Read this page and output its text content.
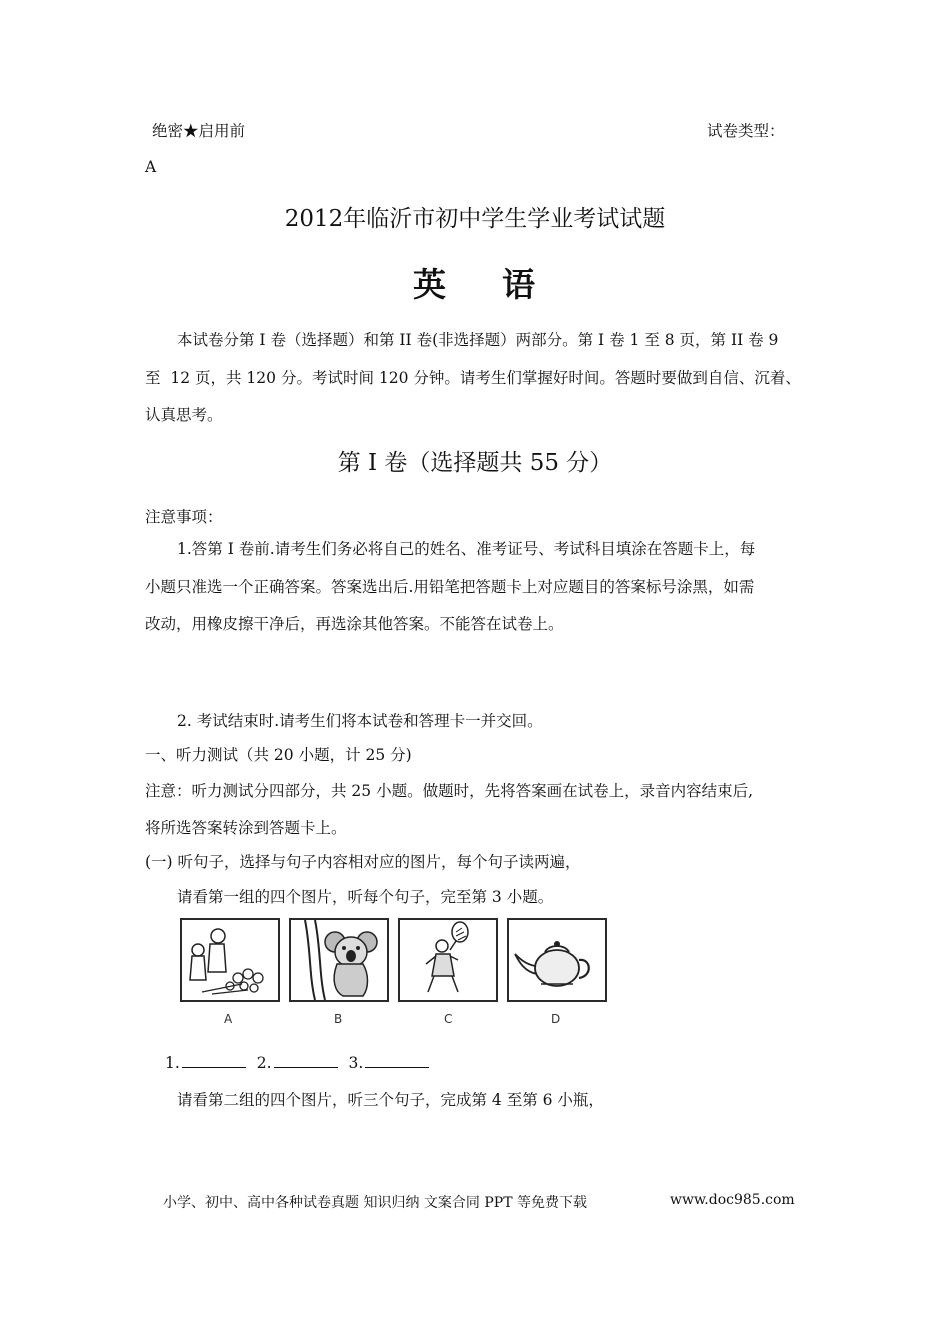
绝密★启用前	试卷类型：
A
2012年临沂市初中学生学业考试试题
英    语
本试卷分第 I 卷（选择题）和第 II 卷(非选择题）两部分。第 I 卷 1 至 8 页，第 II 卷 9
至  12 页，共 120 分。考试时间 120 分钟。请考生们掌握好时间。答题时要做到自信、沉着、
认真思考。
第 I 卷（选择题共 55 分）
注意事项：
1.答第 I 卷前.请考生们务必将自己的姓名、准考证号、考试科目填涂在答题卡上，每
小题只准选一个正确答案。答案选出后.用铅笔把答题卡上对应题目的答案标号涂黑，如需
改动，用橡皮擦干净后，再选涂其他答案。不能答在试卷上。
2. 考试结束时.请考生们将本试卷和答理卡一并交回。
一、听力测试（共 20 小题，计 25 分)
注意：听力测试分四部分，共 25 小题。做题时，先将答案画在试卷上，录音内容结束后,
将所选答案转涂到答题卡上。
(一) 听句子，选择与句子内容相对应的图片，每个句子读两遍，
请看第一组的四个图片，听每个句子，完至第 3 小题。
A	B	C	D
1.	2.	3.
请看第二组的四个图片，听三个句子，完成第 4 至第 6 小瓶，
小学、初中、高中各种试卷真题 知识归纳 文案合同 PPT 等免费下载	www.doc985.com
